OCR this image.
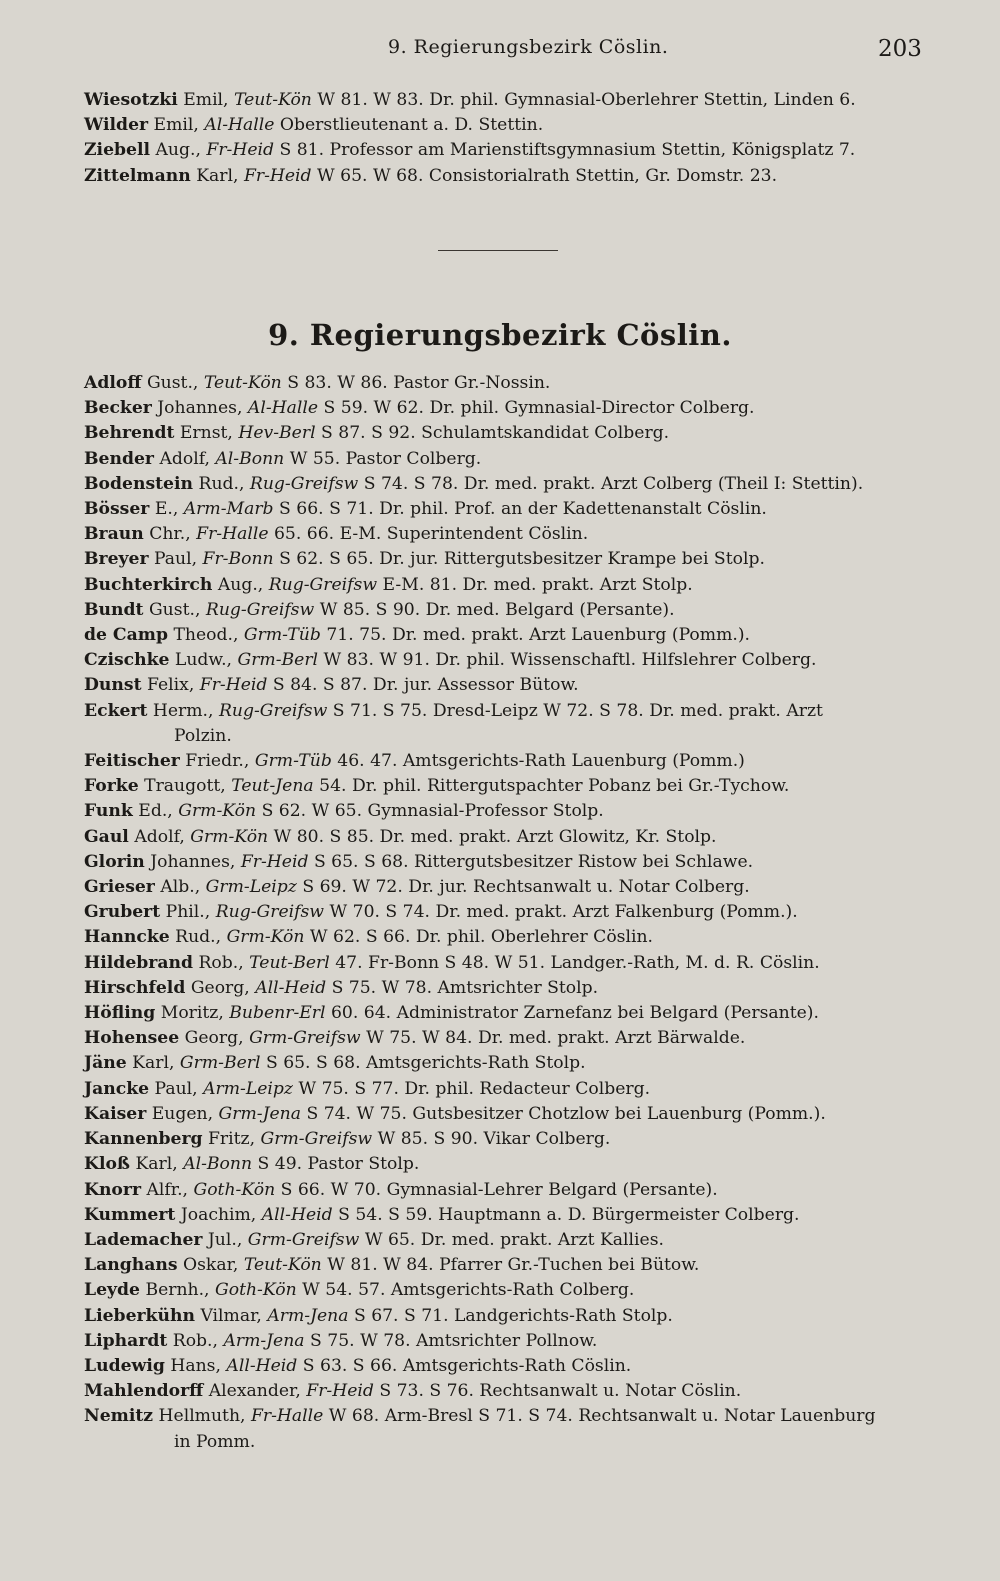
9. Regierungsbezirk Cöslin.	203
Wiesotzki Emil, Teut-Kön W 81. W 83. Dr. phil. Gymnasial-Oberlehrer Stettin, Linden 6.
Wilder Emil, Al-Halle Oberstlieutenant a. D. Stettin.
Ziebell Aug., Fr-Heid S 81. Professor am Marienstiftsgymnasium Stettin, Königsplatz 7.
Zittelmann Karl, Fr-Heid W 65. W 68. Consistorialrath Stettin, Gr. Domstr. 23.
9. Regierungsbezirk Cöslin.
Adloff Gust., Teut-Kön S 83. W 86. Pastor Gr.-Nossin.
Becker Johannes, Al-Halle S 59. W 62. Dr. phil. Gymnasial-Director Colberg.
Behrendt Ernst, Hev-Berl S 87. S 92. Schulamtskandidat Colberg.
Bender Adolf, Al-Bonn W 55. Pastor Colberg.
Bodenstein Rud., Rug-Greifsw S 74. S 78. Dr. med. prakt. Arzt Colberg (Theil I: Stettin).
Bösser E., Arm-Marb S 66. S 71. Dr. phil. Prof. an der Kadettenanstalt Cöslin.
Braun Chr., Fr-Halle 65. 66. E-M. Superintendent Cöslin.
Breyer Paul, Fr-Bonn S 62. S 65. Dr. jur. Rittergutsbesitzer Krampe bei Stolp.
Buchterkirch Aug., Rug-Greifsw E-M. 81. Dr. med. prakt. Arzt Stolp.
Bundt Gust., Rug-Greifsw W 85. S 90. Dr. med. Belgard (Persante).
de Camp Theod., Grm-Tüb 71. 75. Dr. med. prakt. Arzt Lauenburg (Pomm.).
Czischke Ludw., Grm-Berl W 83. W 91. Dr. phil. Wissenschaftl. Hilfslehrer Colberg.
Dunst Felix, Fr-Heid S 84. S 87. Dr. jur. Assessor Bütow.
Eckert Herm., Rug-Greifsw S 71. S 75. Dresd-Leipz W 72. S 78. Dr. med. prakt. Arzt
Polzin.
Feitischer Friedr., Grm-Tüb 46. 47. Amtsgerichts-Rath Lauenburg (Pomm.)
Forke Traugott, Teut-Jena 54. Dr. phil. Rittergutspachter Pobanz bei Gr.-Tychow.
Funk Ed., Grm-Kön S 62. W 65. Gymnasial-Professor Stolp.
Gaul Adolf, Grm-Kön W 80. S 85. Dr. med. prakt. Arzt Glowitz, Kr. Stolp.
Glorin Johannes, Fr-Heid S 65. S 68. Rittergutsbesitzer Ristow bei Schlawe.
Grieser Alb., Grm-Leipz S 69. W 72. Dr. jur. Rechtsanwalt u. Notar Colberg.
Grubert Phil., Rug-Greifsw W 70. S 74. Dr. med. prakt. Arzt Falkenburg (Pomm.).
Hanncke Rud., Grm-Kön W 62. S 66. Dr. phil. Oberlehrer Cöslin.
Hildebrand Rob., Teut-Berl 47. Fr-Bonn S 48. W 51. Landger.-Rath, M. d. R. Cöslin.
Hirschfeld Georg, All-Heid S 75. W 78. Amtsrichter Stolp.
Höfling Moritz, Bubenr-Erl 60. 64. Administrator Zarnefanz bei Belgard (Persante).
Hohensee Georg, Grm-Greifsw W 75. W 84. Dr. med. prakt. Arzt Bärwalde.
Jäne Karl, Grm-Berl S 65. S 68. Amtsgerichts-Rath Stolp.
Jancke Paul, Arm-Leipz W 75. S 77. Dr. phil. Redacteur Colberg.
Kaiser Eugen, Grm-Jena S 74. W 75. Gutsbesitzer Chotzlow bei Lauenburg (Pomm.).
Kannenberg Fritz, Grm-Greifsw W 85. S 90. Vikar Colberg.
Kloß Karl, Al-Bonn S 49. Pastor Stolp.
Knorr Alfr., Goth-Kön S 66. W 70. Gymnasial-Lehrer Belgard (Persante).
Kummert Joachim, All-Heid S 54. S 59. Hauptmann a. D. Bürgermeister Colberg.
Lademacher Jul., Grm-Greifsw W 65. Dr. med. prakt. Arzt Kallies.
Langhans Oskar, Teut-Kön W 81. W 84. Pfarrer Gr.-Tuchen bei Bütow.
Leyde Bernh., Goth-Kön W 54. 57. Amtsgerichts-Rath Colberg.
Lieberkühn Vilmar, Arm-Jena S 67. S 71. Landgerichts-Rath Stolp.
Liphardt Rob., Arm-Jena S 75. W 78. Amtsrichter Pollnow.
Ludewig Hans, All-Heid S 63. S 66. Amtsgerichts-Rath Cöslin.
Mahlendorff Alexander, Fr-Heid S 73. S 76. Rechtsanwalt u. Notar Cöslin.
Nemitz Hellmuth, Fr-Halle W 68. Arm-Bresl S 71. S 74. Rechtsanwalt u. Notar Lauenburg
in Pomm.
